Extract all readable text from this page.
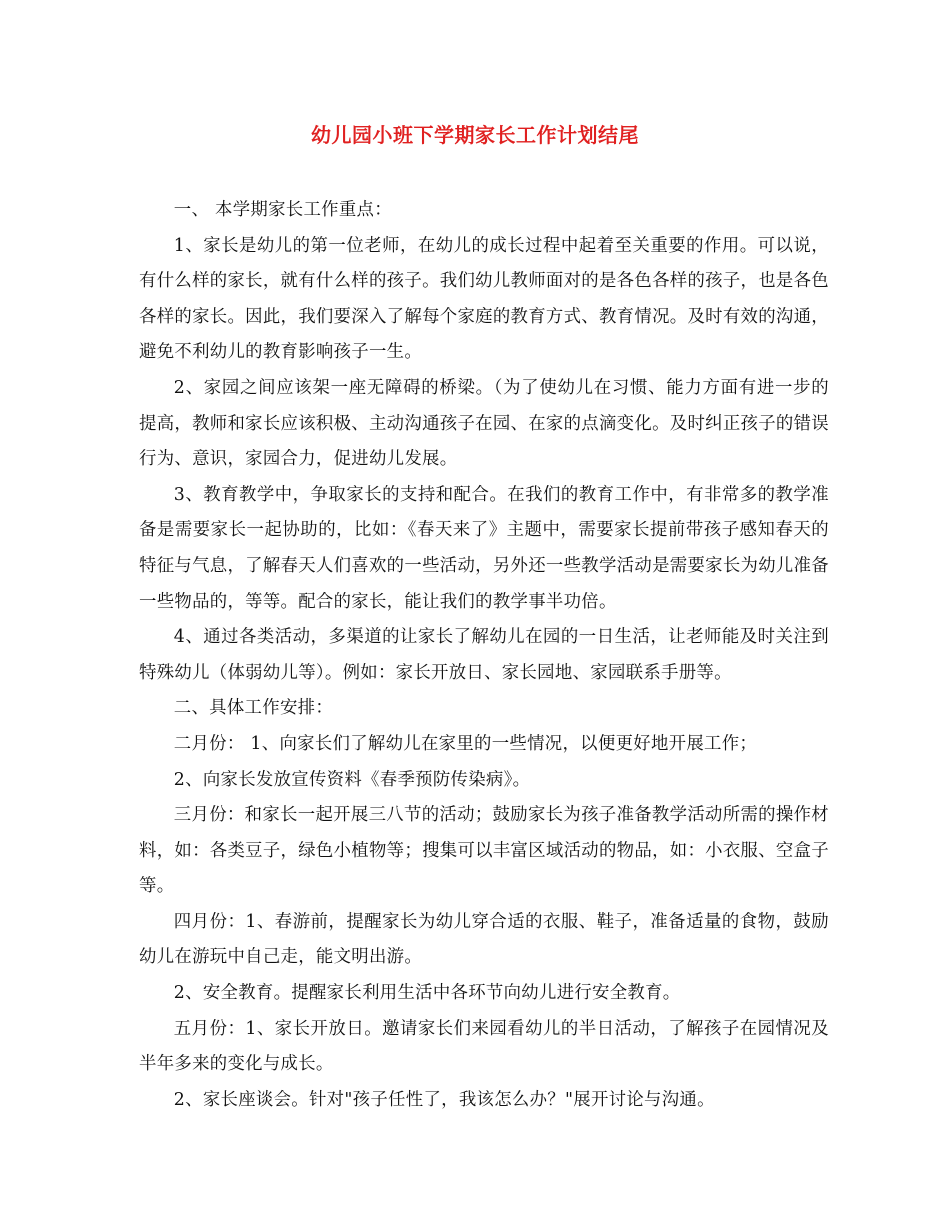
幼儿园小班下学期家长工作计划结尾

一、 本学期家长工作重点：

1、家长是幼儿的第一位老师，在幼儿的成长过程中起着至关重要的作用。可以说，有什么样的家长，就有什么样的孩子。我们幼儿教师面对的是各色各样的孩子，也是各色各样的家长。因此，我们要深入了解每个家庭的教育方式、教育情况。及时有效的沟通，避免不利幼儿的教育影响孩子一生。

2、家园之间应该架一座无障碍的桥梁。（为了使幼儿在习惯、能力方面有进一步的提高，教师和家长应该积极、主动沟通孩子在园、在家的点滴变化。及时纠正孩子的错误行为、意识，家园合力，促进幼儿发展。

3、教育教学中，争取家长的支持和配合。在我们的教育工作中，有非常多的教学准备是需要家长一起协助的，比如：《春天来了》主题中，需要家长提前带孩子感知春天的特征与气息，了解春天人们喜欢的一些活动，另外还一些教学活动是需要家长为幼儿准备一些物品的，等等。配合的家长，能让我们的教学事半功倍。

4、通过各类活动，多渠道的让家长了解幼儿在园的一日生活，让老师能及时关注到特殊幼儿（体弱幼儿等）。例如：家长开放日、家长园地、家园联系手册等。

二、具体工作安排：

二月份： 1、向家长们了解幼儿在家里的一些情况，以便更好地开展工作；

2、向家长发放宣传资料《春季预防传染病》。

三月份：和家长一起开展三八节的活动；鼓励家长为孩子准备教学活动所需的操作材料，如：各类豆子，绿色小植物等；搜集可以丰富区域活动的物品，如：小衣服、空盒子等。

四月份：1、春游前，提醒家长为幼儿穿合适的衣服、鞋子，准备适量的食物，鼓励幼儿在游玩中自己走，能文明出游。

2、安全教育。提醒家长利用生活中各环节向幼儿进行安全教育。

五月份：1、家长开放日。邀请家长们来园看幼儿的半日活动，了解孩子在园情况及半年多来的变化与成长。

2、家长座谈会。针对"孩子任性了，我该怎么办？"展开讨论与沟通。
